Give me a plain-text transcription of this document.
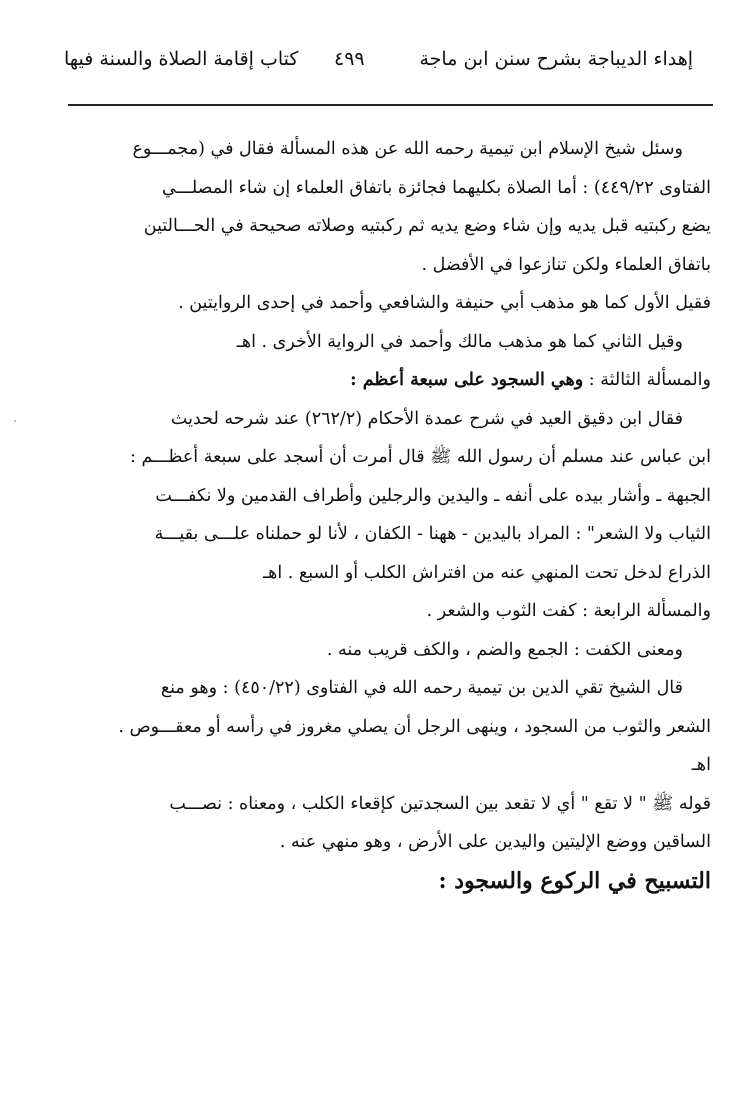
إهداء الديباجة بشرح سنن ابن ماجة
٤٩٩
كتاب إقامة الصلاة والسنة فيها
وسئل شيخ الإسلام ابن تيمية رحمه الله عن هذه المسألة فقال في (مجمـــوع
الفتاوى ٤٤٩/٢٢) : أما الصلاة بكليهما فجائزة باتفاق العلماء إن شاء المصلـــي
يضع ركبتيه قبل يديه وإن شاء وضع يديه ثم ركبتيه وصلاته صحيحة في الحـــالتين
باتفاق العلماء ولكن تنازعوا في الأفضل .
فقيل الأول كما هو مذهب أبي حنيفة والشافعي وأحمد في إحدى الروايتين .
وقيل الثاني كما هو مذهب مالك وأحمد في الرواية الأخرى . اهـ
والمسألة الثالثة : وهي السجود على سبعة أعظم :
فقال ابن دقيق العيد في شرح عمدة الأحكام (٢٦٢/٢) عند شرحه لحديث
ابن عباس عند مسلم أن رسول الله ﷺ قال أمرت أن أسجد على سبعة أعظـــم :
الجبهة ـ وأشار بيده على أنفه ـ واليدين والرجلين وأطراف القدمين ولا نكفـــت
الثياب ولا الشعر" : المراد باليدين - ههنا - الكفان ، لأنا لو حملناه علـــى بقيـــة
الذراع لدخل تحت المنهي عنه من افتراش الكلب أو السبع . اهـ
والمسألة الرابعة : كفت الثوب والشعر .
ومعنى الكفت : الجمع والضم ، والكف قريب منه .
قال الشيخ تقي الدين بن تيمية رحمه الله في الفتاوى (٤٥٠/٢٢) : وهو منع
الشعر والثوب من السجود ، وينهى الرجل أن يصلي مغروز في رأسه أو معقـــوص .
اهـ
قوله ﷺ " لا تقع " أي لا تقعد بين السجدتين كإقعاء الكلب ، ومعناه : نصـــب
الساقين ووضع الإليتين واليدين على الأرض ، وهو منهي عنه .
التسبيح في الركوع والسجود :
